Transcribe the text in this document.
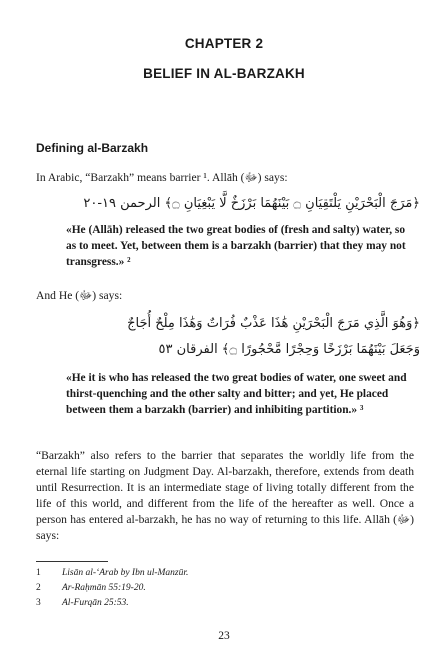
CHAPTER 2
BELIEF IN AL-BARZAKH
Defining al-Barzakh
In Arabic, “Barzakh” means barrier ¹. Allāh (ﷻ) says:
﴿مَرَجَ الْبَحْرَيْنِ يَلْتَقِيَانِ ۝ بَيْنَهُمَا بَرْزَخٌ لَّا يَبْغِيَانِ ۝﴾ الرحمن ١٩-٢٠
«He (Allāh) released the two great bodies of (fresh and salty) water, so as to meet. Yet, between them is a barzakh (barrier) that they may not transgress.» ²
And He (ﷻ) says:
﴿وَهُوَ الَّذِي مَرَجَ الْبَحْرَيْنِ هَٰذَا عَذْبٌ فُرَاتٌ وَهَٰذَا مِلْحٌ أُجَاجٌ
وَجَعَلَ بَيْنَهُمَا بَرْزَخًا وَحِجْرًا مَّحْجُورًا ۝﴾ الفرقان ٥٣
«He it is who has released the two great bodies of water, one sweet and thirst-quenching and the other salty and bitter; and yet, He placed between them a barzakh (barrier) and inhibiting partition.» ³
“Barzakh” also refers to the barrier that separates the worldly life from the eternal life starting on Judgment Day. Al-barzakh, therefore, extends from death until Resurrection. It is an intermediate stage of living totally different from the life of this world, and different from the life of the hereafter as well. Once a person has entered al-barzakh, he has no way of returning to this life. Allāh (ﷻ) says:
1 Lisān al-‘Arab by Ibn ul-Manzūr.
2 Ar-Raḥmān 55:19-20.
3 Al-Furqān 25:53.
23
